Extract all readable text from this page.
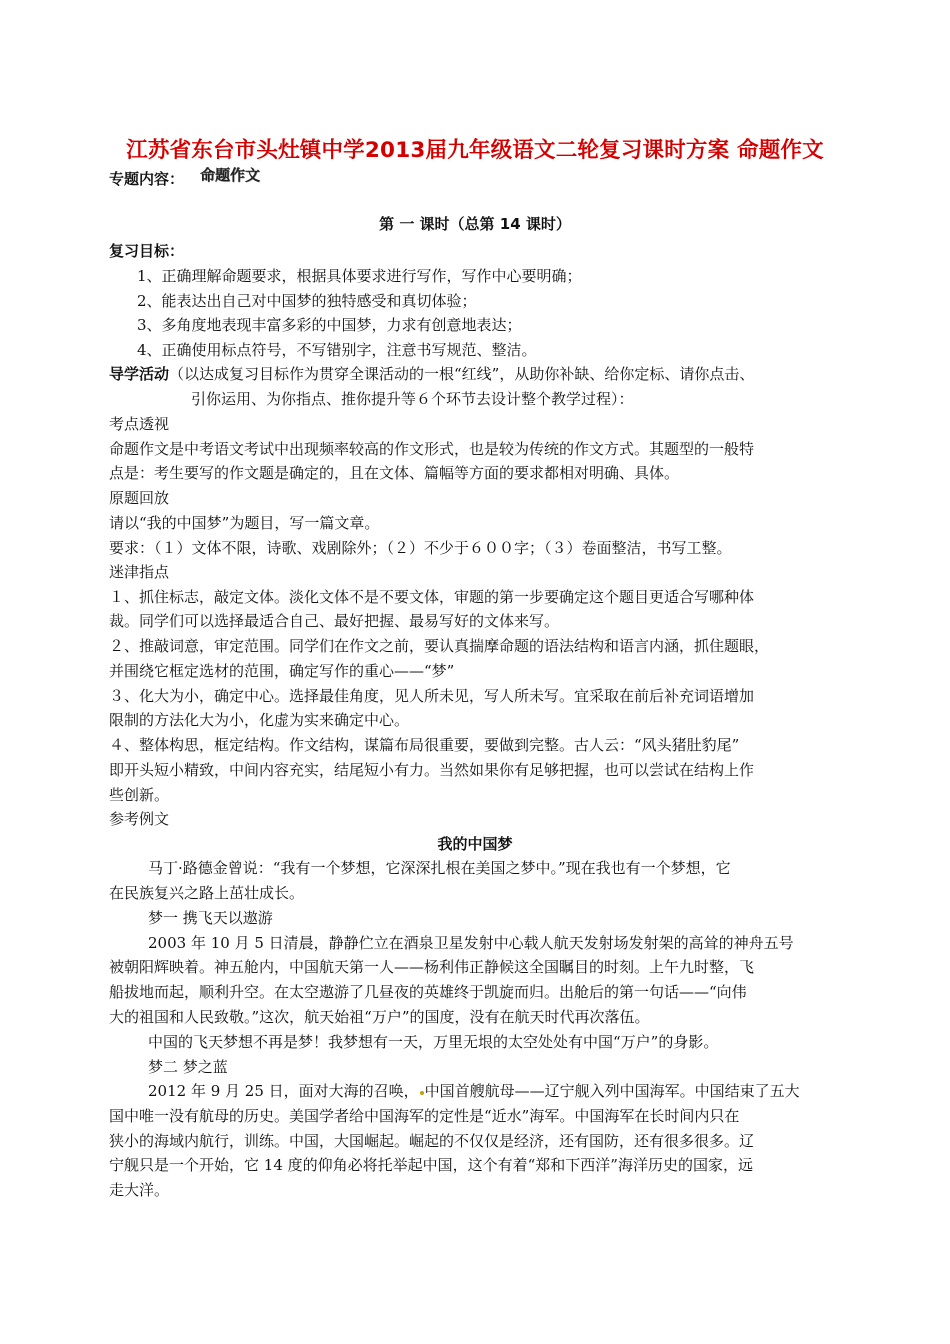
江苏省东台市头灶镇中学2013届九年级语文二轮复习课时方案 命题作文
专题内容： 命题作文
第 一 课时（总第 14 课时）
复习目标：
1、正确理解命题要求，根据具体要求进行写作，写作中心要明确；
2、能表达出自己对中国梦的独特感受和真切体验；
3、多角度地表现丰富多彩的中国梦，力求有创意地表达；
4、正确使用标点符号，不写错别字，注意书写规范、整洁。
导学活动（以达成复习目标作为贯穿全课活动的一根“红线”，从助你补缺、给你定标、请你点击、
引你运用、为你指点、推你提升等６个环节去设计整个教学过程）：
考点透视
命题作文是中考语文考试中出现频率较高的作文形式，也是较为传统的作文方式。其题型的一般特
点是：考生要写的作文题是确定的，且在文体、篇幅等方面的要求都相对明确、具体。
原题回放
请以“我的中国梦”为题目，写一篇文章。
要求：（１）文体不限，诗歌、戏剧除外；（２）不少于６００字；（３）卷面整洁，书写工整。
迷津指点
１、抓住标志，敲定文体。淡化文体不是不要文体，审题的第一步要确定这个题目更适合写哪种体
裁。同学们可以选择最适合自己、最好把握、最易写好的文体来写。
２、推敲词意，审定范围。同学们在作文之前，要认真揣摩命题的语法结构和语言内涵，抓住题眼，
并围绕它框定选材的范围，确定写作的重心——“梦”
３、化大为小，确定中心。选择最佳角度，见人所未见，写人所未写。宜采取在前后补充词语增加
限制的方法化大为小，化虚为实来确定中心。
４、整体构思，框定结构。作文结构，谋篇布局很重要，要做到完整。古人云：“风头猪肚豹尾”
即开头短小精致，中间内容充实，结尾短小有力。当然如果你有足够把握，也可以尝试在结构上作
些创新。
参考例文
我的中国梦
马丁·路德金曾说：“我有一个梦想，它深深扎根在美国之梦中。”现在我也有一个梦想，它
在民族复兴之路上茁壮成长。
梦一 携飞天以遨游
2003 年 10 月 5 日清晨，静静伫立在酒泉卫星发射中心载人航天发射场发射架的高耸的神舟五号
被朝阳辉映着。神五舱内，中国航天第一人——杨利伟正静候这全国瞩目的时刻。上午九时整，飞
船拔地而起，顺利升空。在太空遨游了几昼夜的英雄终于凯旋而归。出舱后的第一句话——“向伟
大的祖国和人民致敬。”这次，航天始祖“万户”的国度，没有在航天时代再次落伍。
中国的飞天梦想不再是梦！我梦想有一天，万里无垠的太空处处有中国“万户”的身影。
梦二 梦之蓝
2012 年 9 月 25 日，面对大海的召唤， 中国首艘航母——辽宁舰入列中国海军。中国结束了五大
国中唯一没有航母的历史。美国学者给中国海军的定性是“近水”海军。中国海军在长时间内只在
狭小的海域内航行，训练。中国，大国崛起。崛起的不仅仅是经济，还有国防，还有很多很多。辽
宁舰只是一个开始，它 14 度的仰角必将托举起中国，这个有着“郑和下西洋”海洋历史的国家，远
走大洋。
